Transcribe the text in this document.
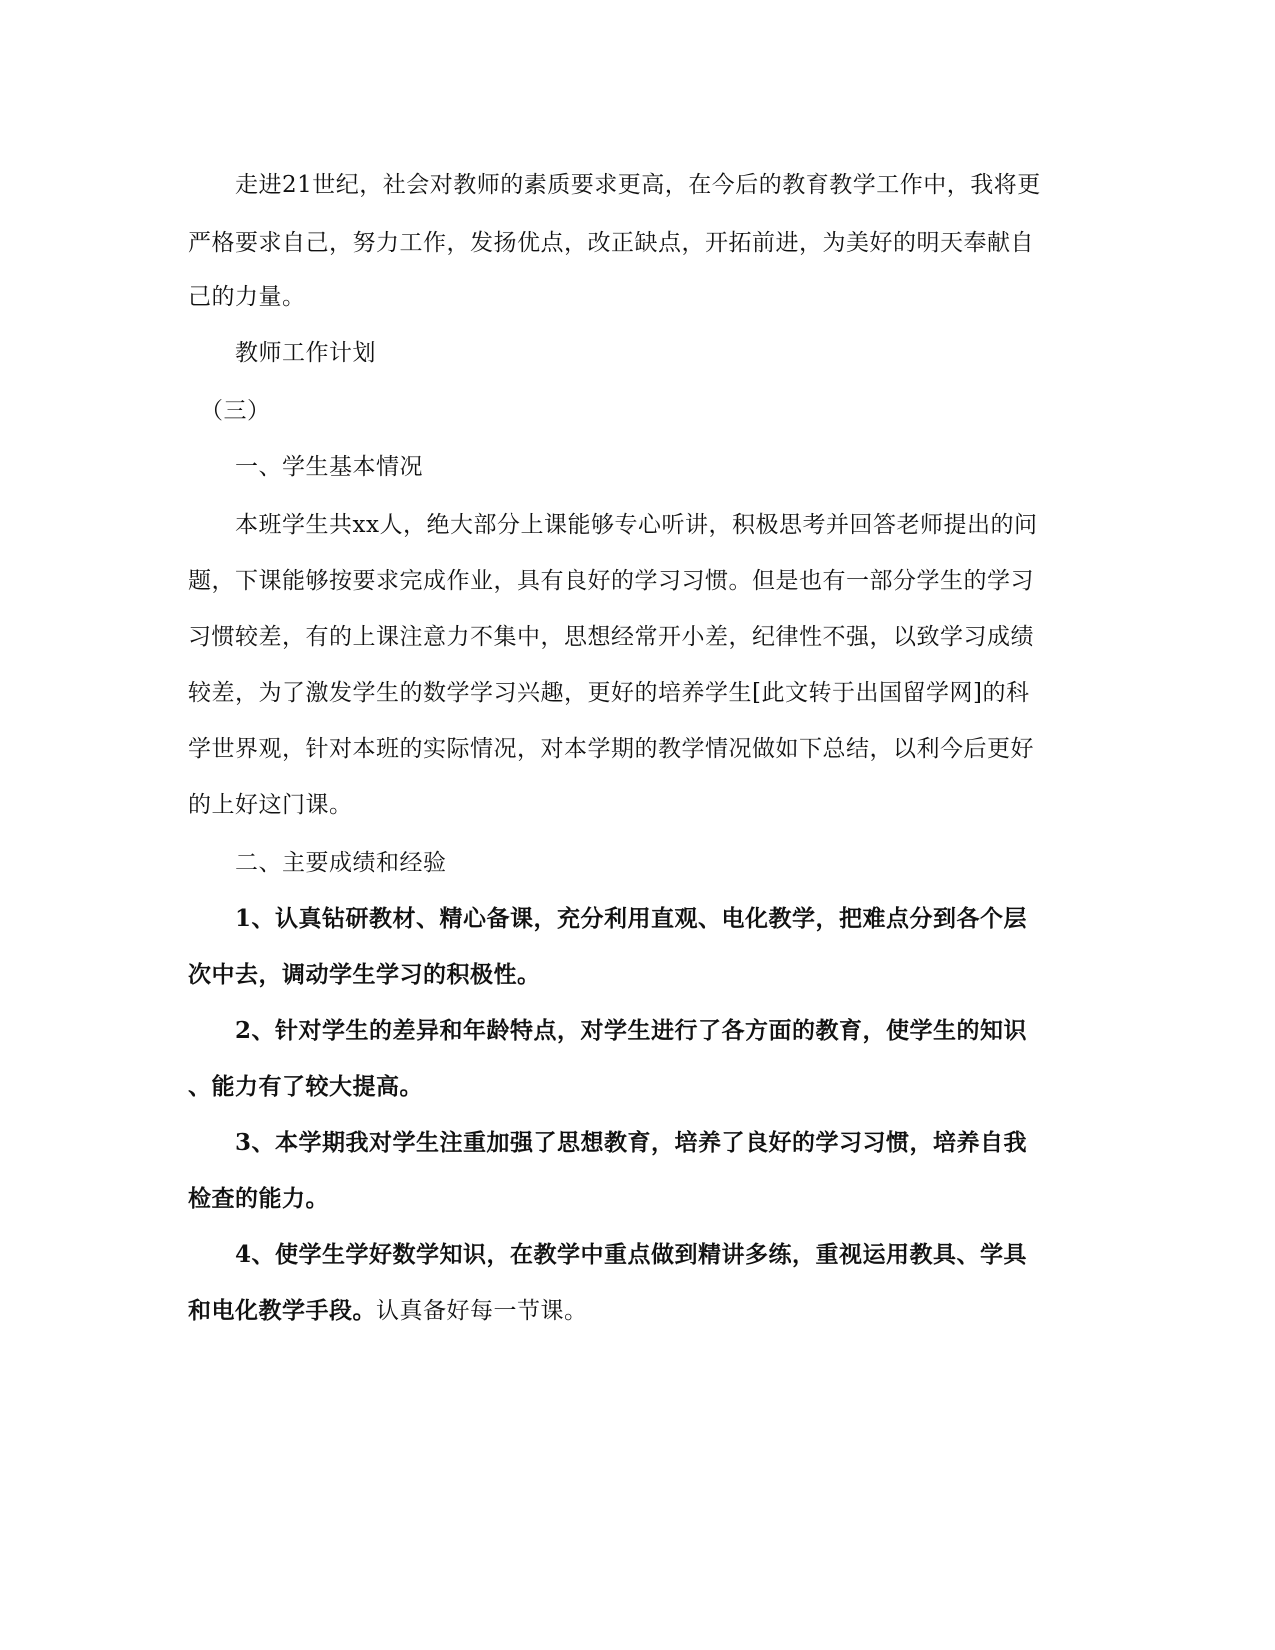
　　走进21世纪，社会对教师的素质要求更高，在今后的教育教学工作中，我将更

严格要求自己，努力工作，发扬优点，改正缺点，开拓前进，为美好的明天奉献自

己的力量。

　　教师工作计划

　（三）

　　一、学生基本情况

　　本班学生共xx人，绝大部分上课能够专心听讲，积极思考并回答老师提出的问

题，下课能够按要求完成作业，具有良好的学习习惯。但是也有一部分学生的学习

习惯较差，有的上课注意力不集中，思想经常开小差，纪律性不强，以致学习成绩

较差，为了激发学生的数学学习兴趣，更好的培养学生[此文转于出国留学网]的科

学世界观，针对本班的实际情况，对本学期的教学情况做如下总结，以利今后更好

的上好这门课。

　　二、主要成绩和经验

　　1、认真钻研教材、精心备课，充分利用直观、电化教学，把难点分到各个层

次中去，调动学生学习的积极性。

　　2、针对学生的差异和年龄特点，对学生进行了各方面的教育，使学生的知识

、能力有了较大提高。

　　3、本学期我对学生注重加强了思想教育，培养了良好的学习习惯，培养自我

检查的能力。

　　4、使学生学好数学知识，在教学中重点做到精讲多练，重视运用教具、学具

和电化教学手段。认真备好每一节课。
